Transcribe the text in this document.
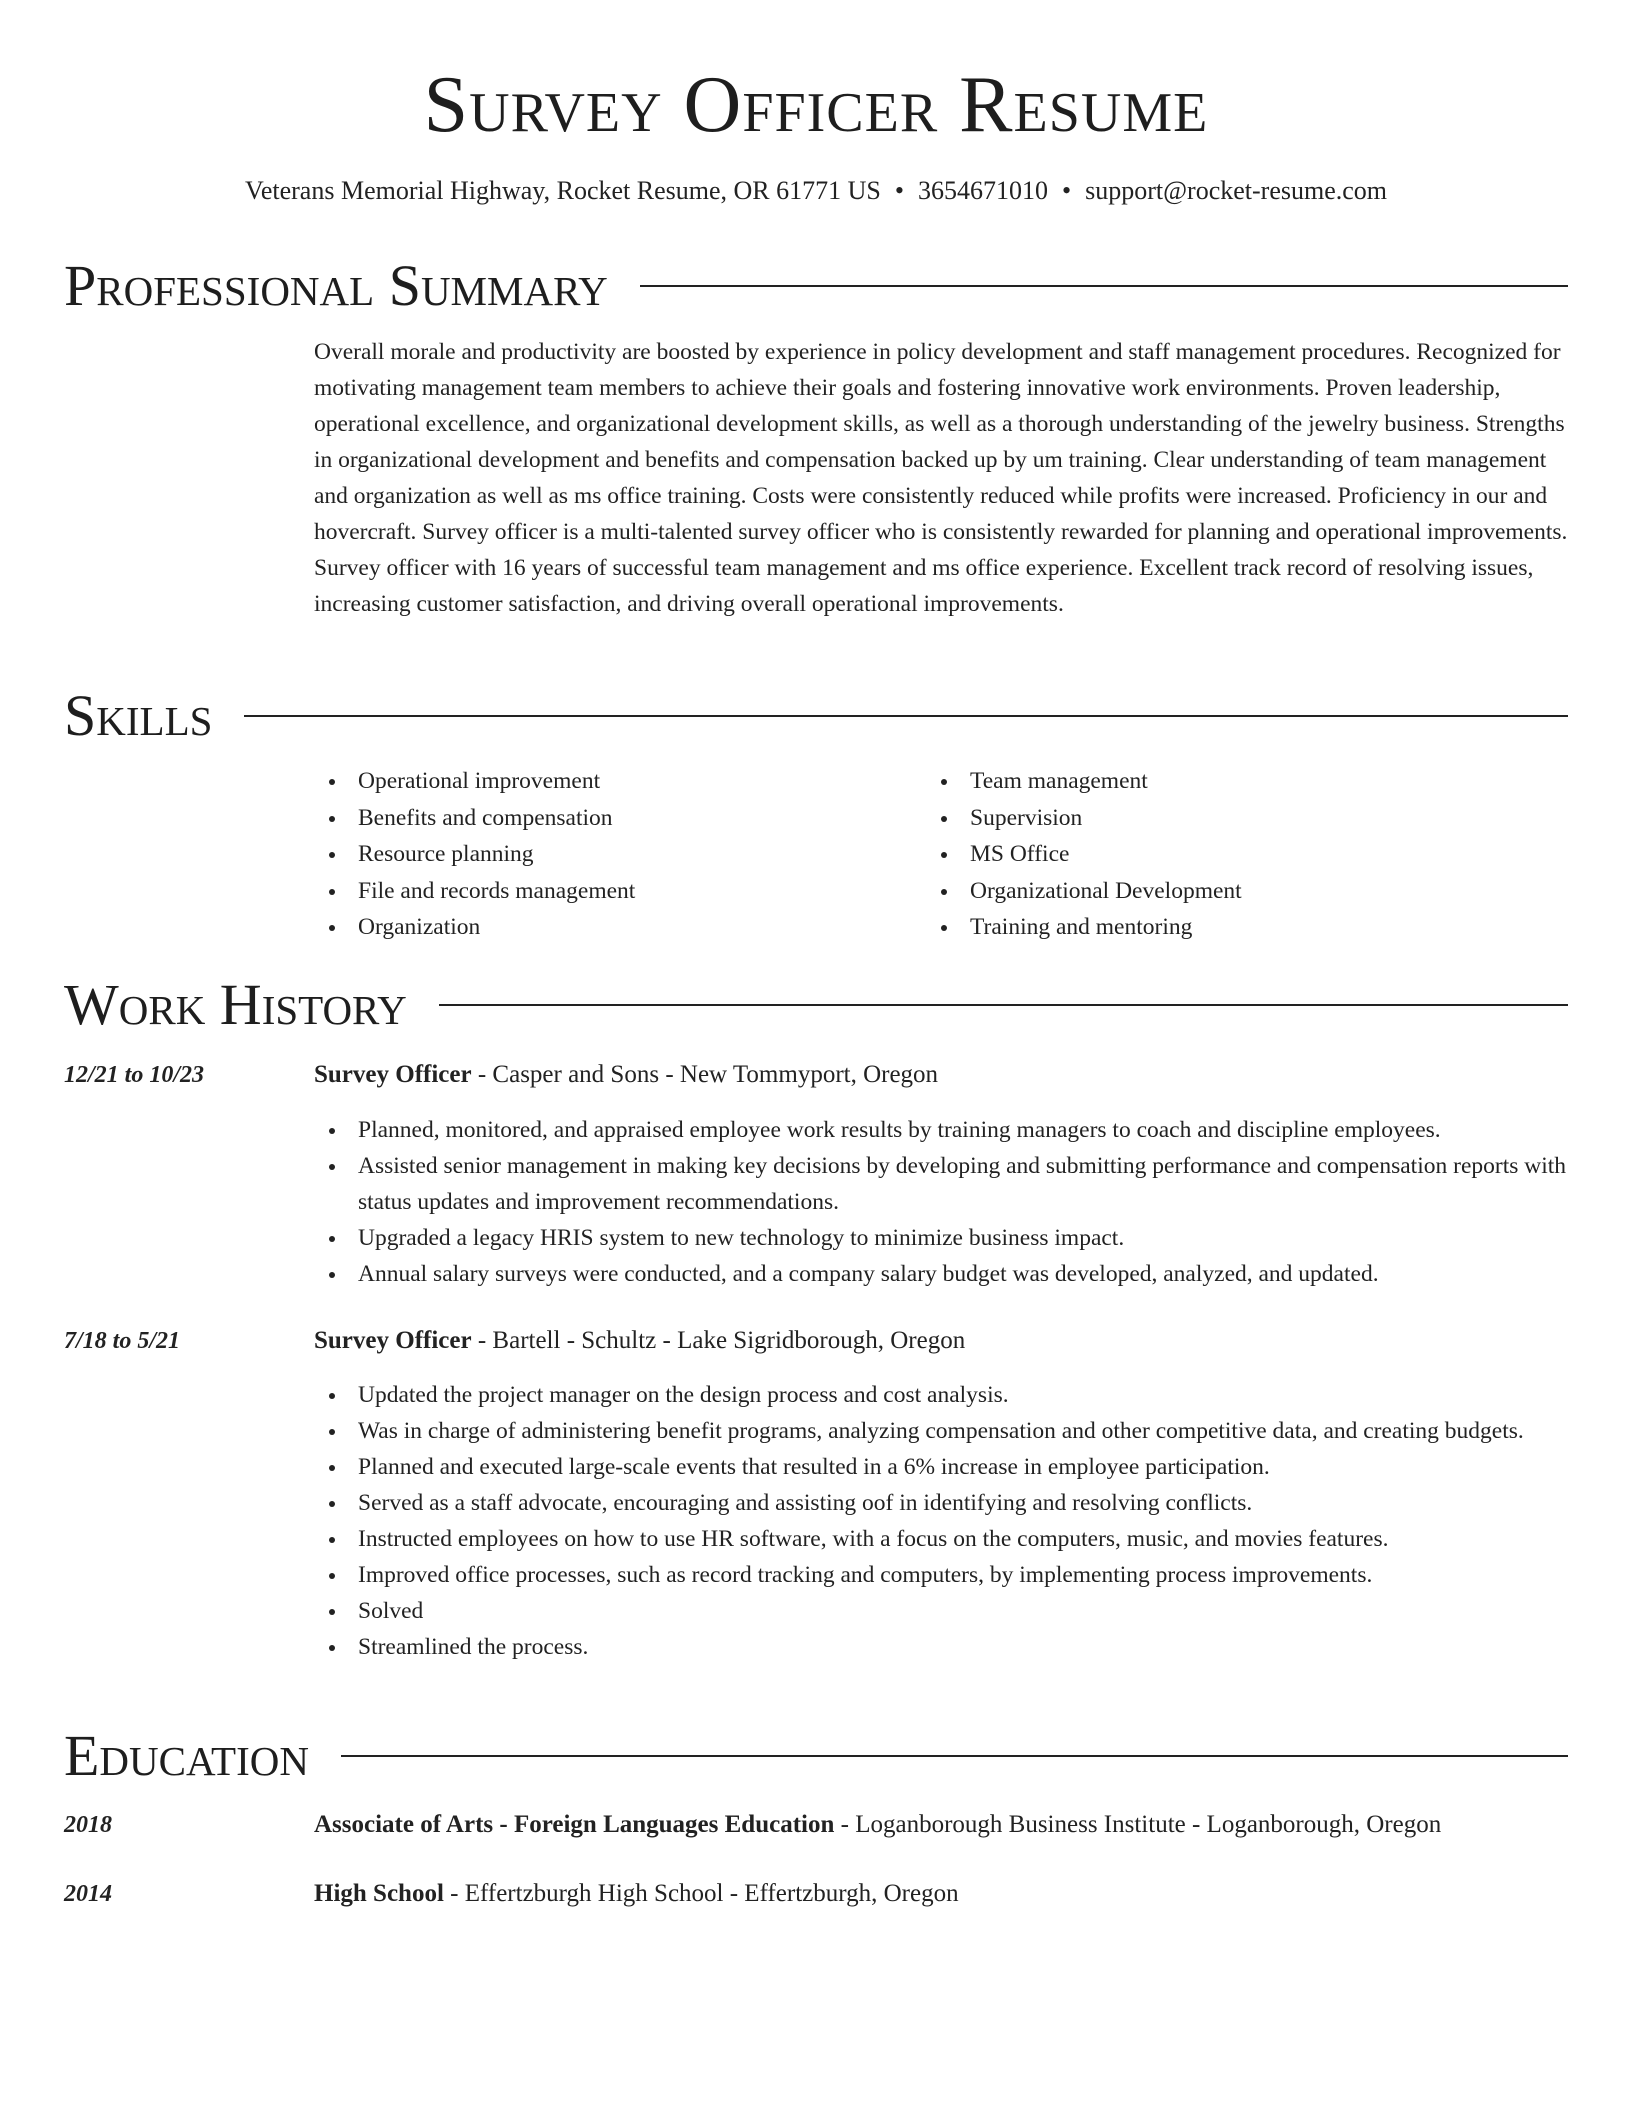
Survey Officer Resume
Veterans Memorial Highway, Rocket Resume, OR 61771 US • 3654671010 • support@rocket-resume.com
Professional Summary
Overall morale and productivity are boosted by experience in policy development and staff management procedures. Recognized for motivating management team members to achieve their goals and fostering innovative work environments. Proven leadership, operational excellence, and organizational development skills, as well as a thorough understanding of the jewelry business. Strengths in organizational development and benefits and compensation backed up by um training. Clear understanding of team management and organization as well as ms office training. Costs were consistently reduced while profits were increased. Proficiency in our and hovercraft. Survey officer is a multi-talented survey officer who is consistently rewarded for planning and operational improvements. Survey officer with 16 years of successful team management and ms office experience. Excellent track record of resolving issues, increasing customer satisfaction, and driving overall operational improvements.
Skills
Operational improvement
Benefits and compensation
Resource planning
File and records management
Organization
Team management
Supervision
MS Office
Organizational Development
Training and mentoring
Work History
12/21 to 10/23	Survey Officer - Casper and Sons - New Tommyport, Oregon
Planned, monitored, and appraised employee work results by training managers to coach and discipline employees.
Assisted senior management in making key decisions by developing and submitting performance and compensation reports with status updates and improvement recommendations.
Upgraded a legacy HRIS system to new technology to minimize business impact.
Annual salary surveys were conducted, and a company salary budget was developed, analyzed, and updated.
7/18 to 5/21	Survey Officer - Bartell - Schultz - Lake Sigridborough, Oregon
Updated the project manager on the design process and cost analysis.
Was in charge of administering benefit programs, analyzing compensation and other competitive data, and creating budgets.
Planned and executed large-scale events that resulted in a 6% increase in employee participation.
Served as a staff advocate, encouraging and assisting oof in identifying and resolving conflicts.
Instructed employees on how to use HR software, with a focus on the computers, music, and movies features.
Improved office processes, such as record tracking and computers, by implementing process improvements.
Solved
Streamlined the process.
Education
2018	Associate of Arts - Foreign Languages Education - Loganborough Business Institute - Loganborough, Oregon
2014	High School - Effertzburgh High School - Effertzburgh, Oregon
